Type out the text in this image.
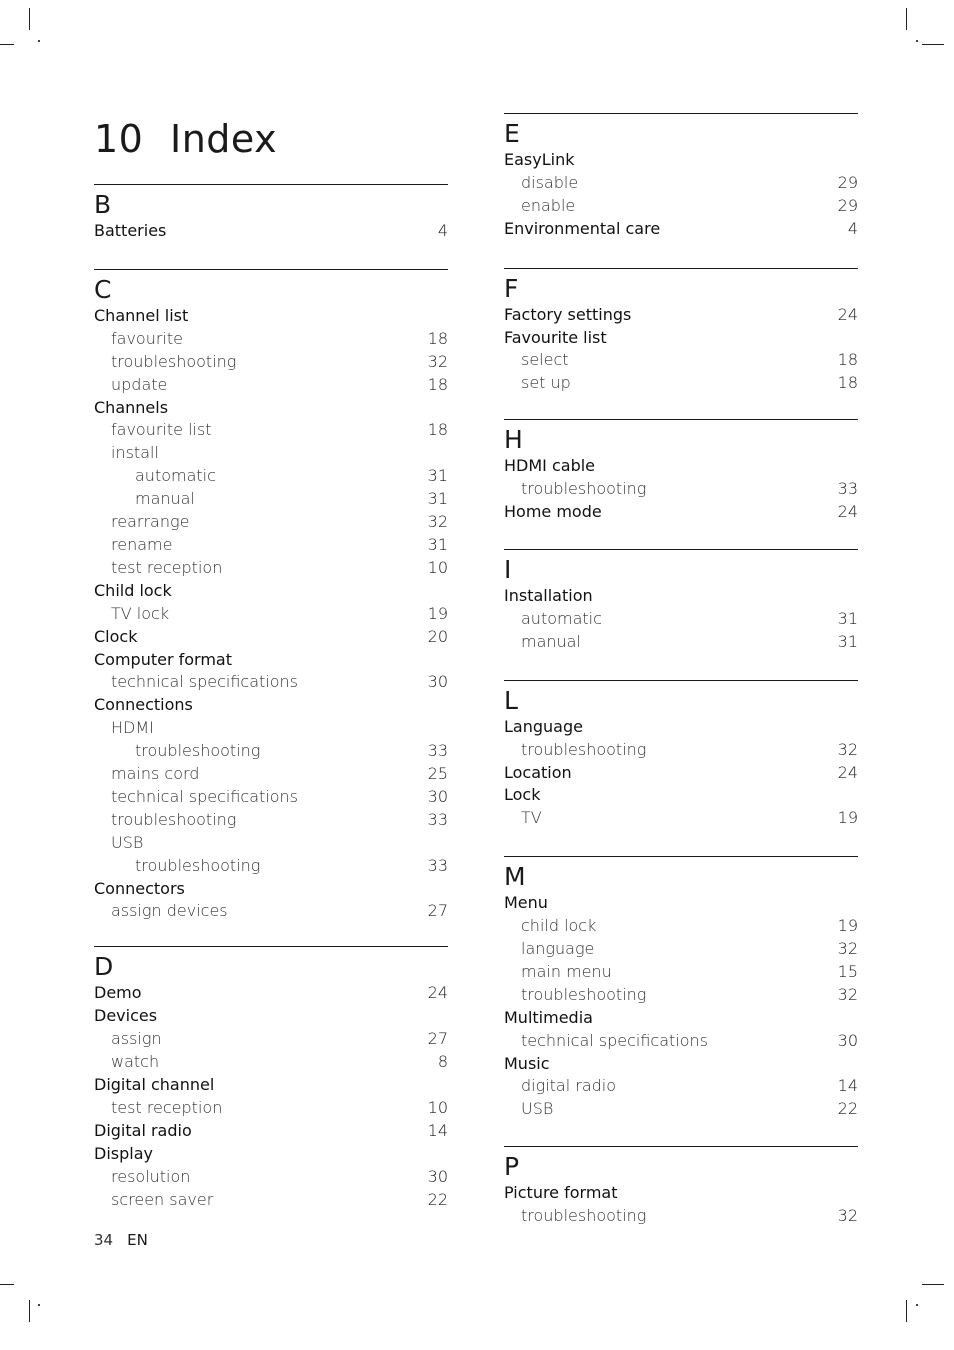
10 Index
B
Batteries	4
C
Channel list
favourite	18
troubleshooting	32
update	18
Channels
favourite list	18
install
automatic	31
manual	31
rearrange	32
rename	31
test reception	10
Child lock
TV lock	19
Clock	20
Computer format
technical specifications	30
Connections
HDMI
troubleshooting	33
mains cord	25
technical specifications	30
troubleshooting	33
USB
troubleshooting	33
Connectors
assign devices	27
D
Demo	24
Devices
assign	27
watch	8
Digital channel
test reception	10
Digital radio	14
Display
resolution	30
screen saver	22
E
EasyLink
disable	29
enable	29
Environmental care	4
F
Factory settings	24
Favourite list
select	18
set up	18
H
HDMI cable
troubleshooting	33
Home mode	24
I
Installation
automatic	31
manual	31
L
Language
troubleshooting	32
Location	24
Lock
TV	19
M
Menu
child lock	19
language	32
main menu	15
troubleshooting	32
Multimedia
technical specifications	30
Music
digital radio	14
USB	22
P
Picture format
troubleshooting	32
34 EN
